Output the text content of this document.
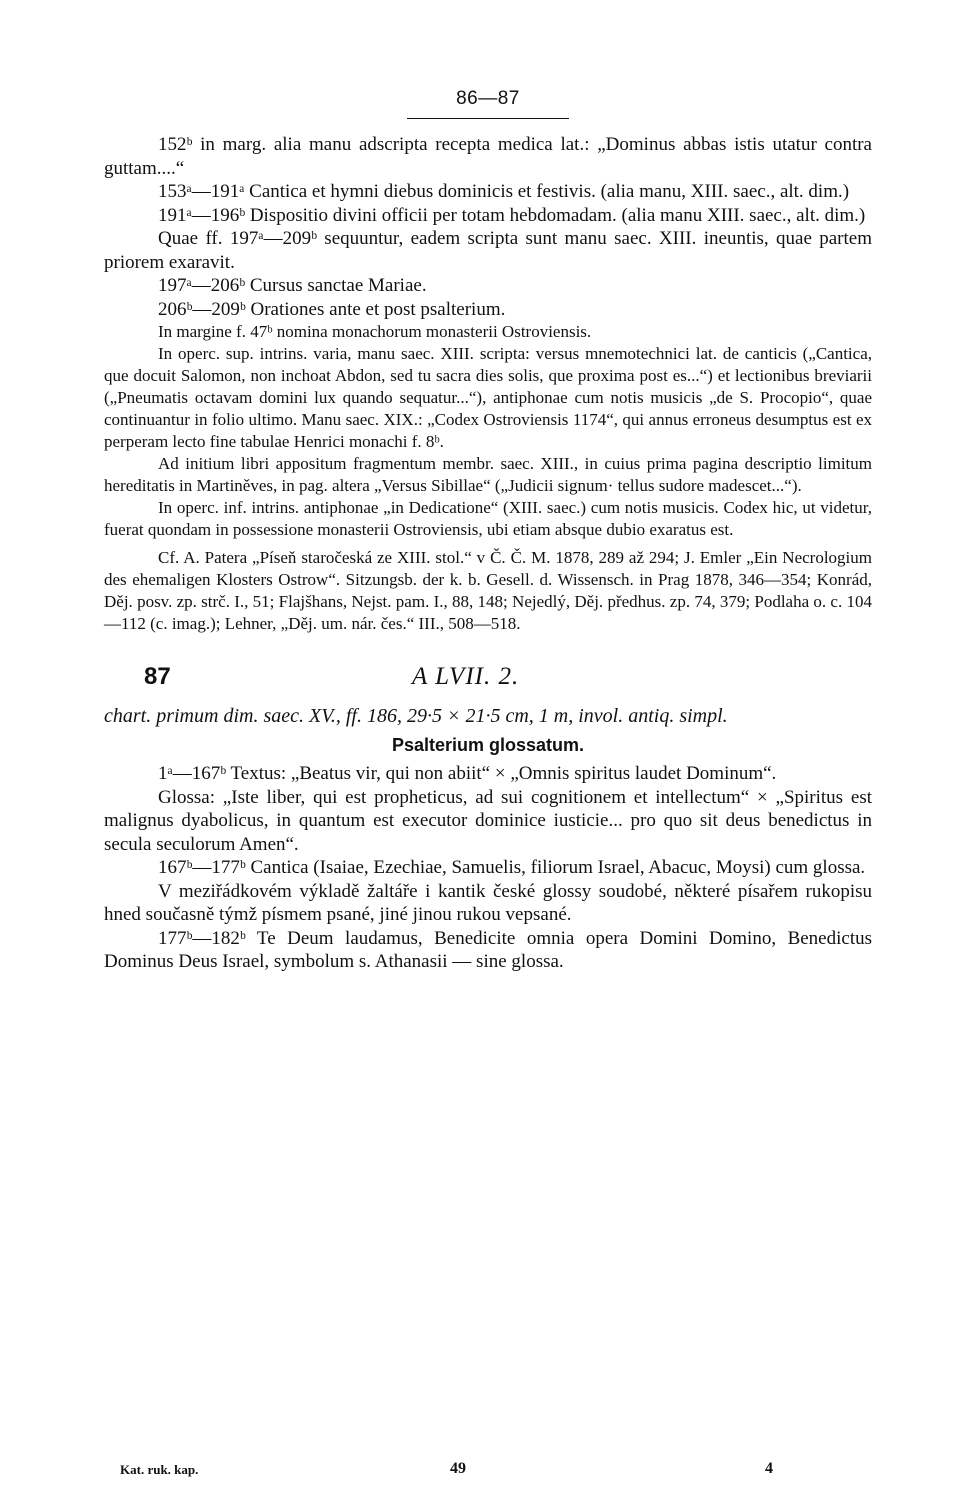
86—87

152ᵇ in marg. alia manu adscripta recepta medica lat.: „Dominus abbas istis utatur contra guttam....“

153ᵃ—191ᵃ Cantica et hymni diebus dominicis et festivis. (alia manu, XIII. saec., alt. dim.)

191ᵃ—196ᵇ Dispositio divini officii per totam hebdomadam. (alia manu XIII. saec., alt. dim.)

Quae ff. 197ᵃ—209ᵇ sequuntur, eadem scripta sunt manu saec. XIII. ineuntis, quae partem priorem exaravit.

197ᵃ—206ᵇ Cursus sanctae Mariae.

206ᵇ—209ᵇ Orationes ante et post psalterium.

In margine f. 47ᵇ nomina monachorum monasterii Ostroviensis.

In operc. sup. intrins. varia, manu saec. XIII. scripta: versus mnemotechnici lat. de canticis („Cantica, que docuit Salomon, non inchoat Abdon, sed tu sacra dies solis, que proxima post es...“) et lectionibus breviarii („Pneumatis octavam domini lux quando sequatur...“), antiphonae cum notis musicis „de S. Procopio“, quae continuantur in folio ultimo. Manu saec. XIX.: „Codex Ostroviensis 1174“, qui annus erroneus desumptus est ex perperam lecto fine tabulae Henrici monachi f. 8ᵇ.

Ad initium libri appositum fragmentum membr. saec. XIII., in cuius prima pagina descriptio limitum hereditatis in Martiněves, in pag. altera „Versus Sibillae“ („Judicii signum· tellus sudore madescet...“).

In operc. inf. intrins. antiphonae „in Dedicatione“ (XIII. saec.) cum notis musicis. Codex hic, ut videtur, fuerat quondam in possessione monasterii Ostroviensis, ubi etiam absque dubio exaratus est.

Cf. A. Patera „Píseň staročeská ze XIII. stol.“ v Č. Č. M. 1878, 289 až 294; J. Emler „Ein Necrologium des ehemaligen Klosters Ostrow“. Sitzungsb. der k. b. Gesell. d. Wissensch. in Prag 1878, 346—354; Konrád, Děj. posv. zp. strč. I., 51; Flajšhans, Nejst. pam. I., 88, 148; Nejedlý, Děj. předhus. zp. 74, 379; Podlaha o. c. 104—112 (c. imag.); Lehner, „Děj. um. nár. čes.“ III., 508—518.

87	A LVII. 2.

chart. primum dim. saec. XV., ff. 186, 29·5 × 21·5 cm, 1 m, invol. antiq. simpl.

Psalterium glossatum.

1ᵃ—167ᵇ Textus: „Beatus vir, qui non abiit“ × „Omnis spiritus laudet Dominum“.

Glossa: „Iste liber, qui est propheticus, ad sui cognitionem et intellectum“ × „Spiritus est malignus dyabolicus, in quantum est executor dominice iusticie... pro quo sit deus benedictus in secula seculorum Amen“.

167ᵇ—177ᵇ Cantica (Isaiae, Ezechiae, Samuelis, filiorum Israel, Abacuc, Moysi) cum glossa.

V meziřádkovém výkladě žaltáře i kantik české glossy soudobé, některé písařem rukopisu hned současně týmž písmem psané, jiné jinou rukou vepsané.

177ᵇ—182ᵇ Te Deum laudamus, Benedicite omnia opera Domini Domino, Benedictus Dominus Deus Israel, symbolum s. Athanasii — sine glossa.

Kat. ruk. kap.	49	4
